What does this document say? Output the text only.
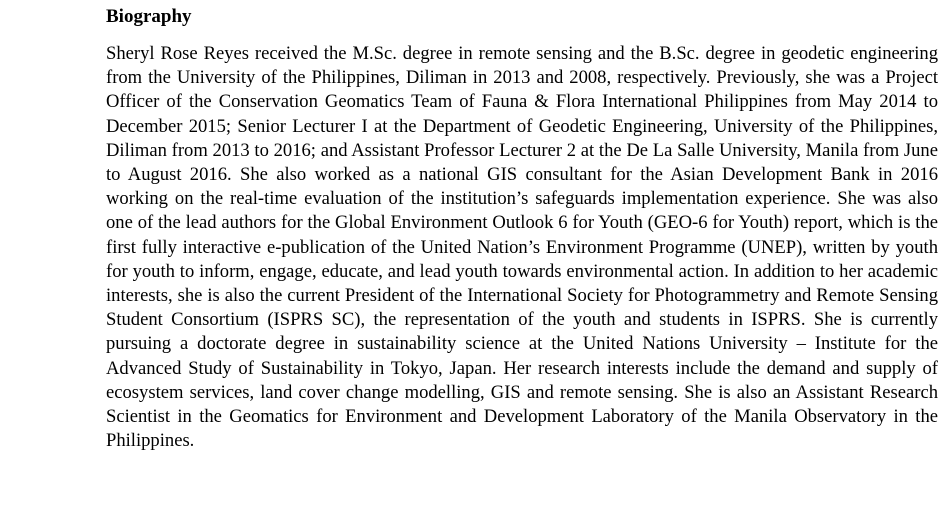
Biography

Sheryl Rose Reyes received the M.Sc. degree in remote sensing and the B.Sc. degree in geodetic engineering from the University of the Philippines, Diliman in 2013 and 2008, respectively. Previously, she was a Project Officer of the Conservation Geomatics Team of Fauna & Flora International Philippines from May 2014 to December 2015; Senior Lecturer I at the Department of Geodetic Engineering, University of the Philippines, Diliman from 2013 to 2016; and Assistant Professor Lecturer 2 at the De La Salle University, Manila from June to August 2016. She also worked as a national GIS consultant for the Asian Development Bank in 2016 working on the real-time evaluation of the institution’s safeguards implementation experience. She was also one of the lead authors for the Global Environment Outlook 6 for Youth (GEO-6 for Youth) report, which is the first fully interactive e-publication of the United Nation’s Environment Programme (UNEP), written by youth for youth to inform, engage, educate, and lead youth towards environmental action. In addition to her academic interests, she is also the current President of the International Society for Photogrammetry and Remote Sensing Student Consortium (ISPRS SC), the representation of the youth and students in ISPRS. She is currently pursuing a doctorate degree in sustainability science at the United Nations University – Institute for the Advanced Study of Sustainability in Tokyo, Japan. Her research interests include the demand and supply of ecosystem services, land cover change modelling, GIS and remote sensing. She is also an Assistant Research Scientist in the Geomatics for Environment and Development Laboratory of the Manila Observatory in the Philippines.
